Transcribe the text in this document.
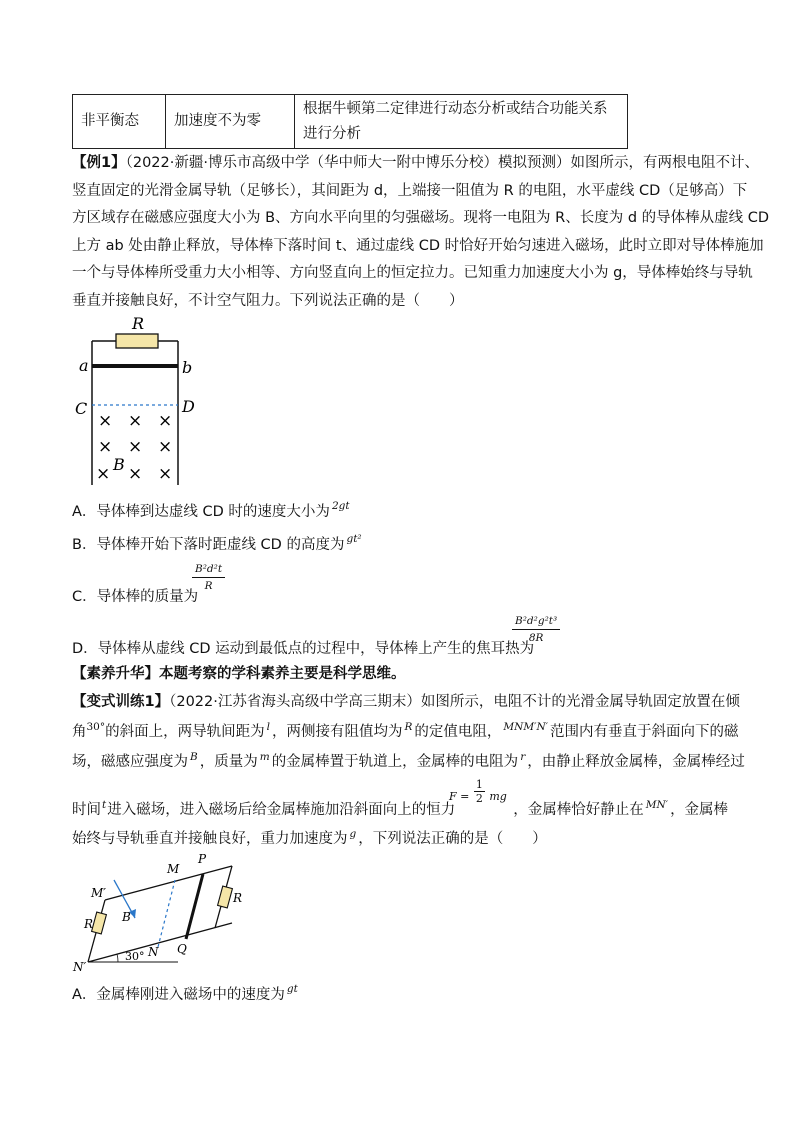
非平衡态	加速度不为零	根据牛顿第二定律进行动态分析或结合功能关系进行分析
【例1】（2022·新疆·博乐市高级中学（华中师大一附中博乐分校）模拟预测）如图所示，有两根电阻不计、
竖直固定的光滑金属导轨（足够长），其间距为 d，上端接一阻值为 R 的电阻，水平虚线 CD（足够高）下
方区域存在磁感应强度大小为 B、方向水平向里的匀强磁场。现将一电阻为 R、长度为 d 的导体棒从虚线 CD
上方 ab 处由静止释放，导体棒下落时间 t、通过虚线 CD 时恰好开始匀速进入磁场，此时立即对导体棒施加
一个与导体棒所受重力大小相等、方向竖直向上的恒定拉力。已知重力加速度大小为 g，导体棒始终与导轨
垂直并接触良好，不计空气阻力。下列说法正确的是（　　）
R
a	b
C	D
× × ×
× × ×
× × ×
B
A．导体棒到达虚线 CD 时的速度大小为 $^{2gt}$
B．导体棒开始下落时距虚线 CD 的高度为 $^{gt^2}$
C．导体棒的质量为
$\frac{\text{B²d²t}}{R}$
D．导体棒从虚线 CD 运动到最低点的过程中，导体棒上产生的焦耳热为
$\frac{\text{B²d²g²t³}}{8R}$
【素养升华】本题考察的学科素养主要是科学思维。
【变式训练1】（2022·江苏省海头高级中学高三期末）如图所示，电阻不计的光滑金属导轨固定放置在倾
角$^{30^\circ}$的斜面上，两导轨间距为 $^l$ ，两侧接有阻值均为 $^R$ 的定值电阻， $^{MNM'N'}$ 范围内有垂直于斜面向下的磁
场，磁感应强度为 $^B$ ，质量为 $^m$ 的金属棒置于轨道上，金属棒的电阻为 $^r$ ，由静止释放金属棒，金属棒经过
时间$^t$进入磁场，进入磁场后给金属棒施加沿斜面向上的恒力	，金属棒恰好静止在 $^{MN'}$ ，金属棒
$F = \frac{1}{2}$ mg
始终与导轨垂直并接触良好，重力加速度为 $^g$ ，下列说法正确的是（　　）
M
P
M′
R
R
B
N Q
N′
30°
A．金属棒刚进入磁场中的速度为 $^{gt}$
